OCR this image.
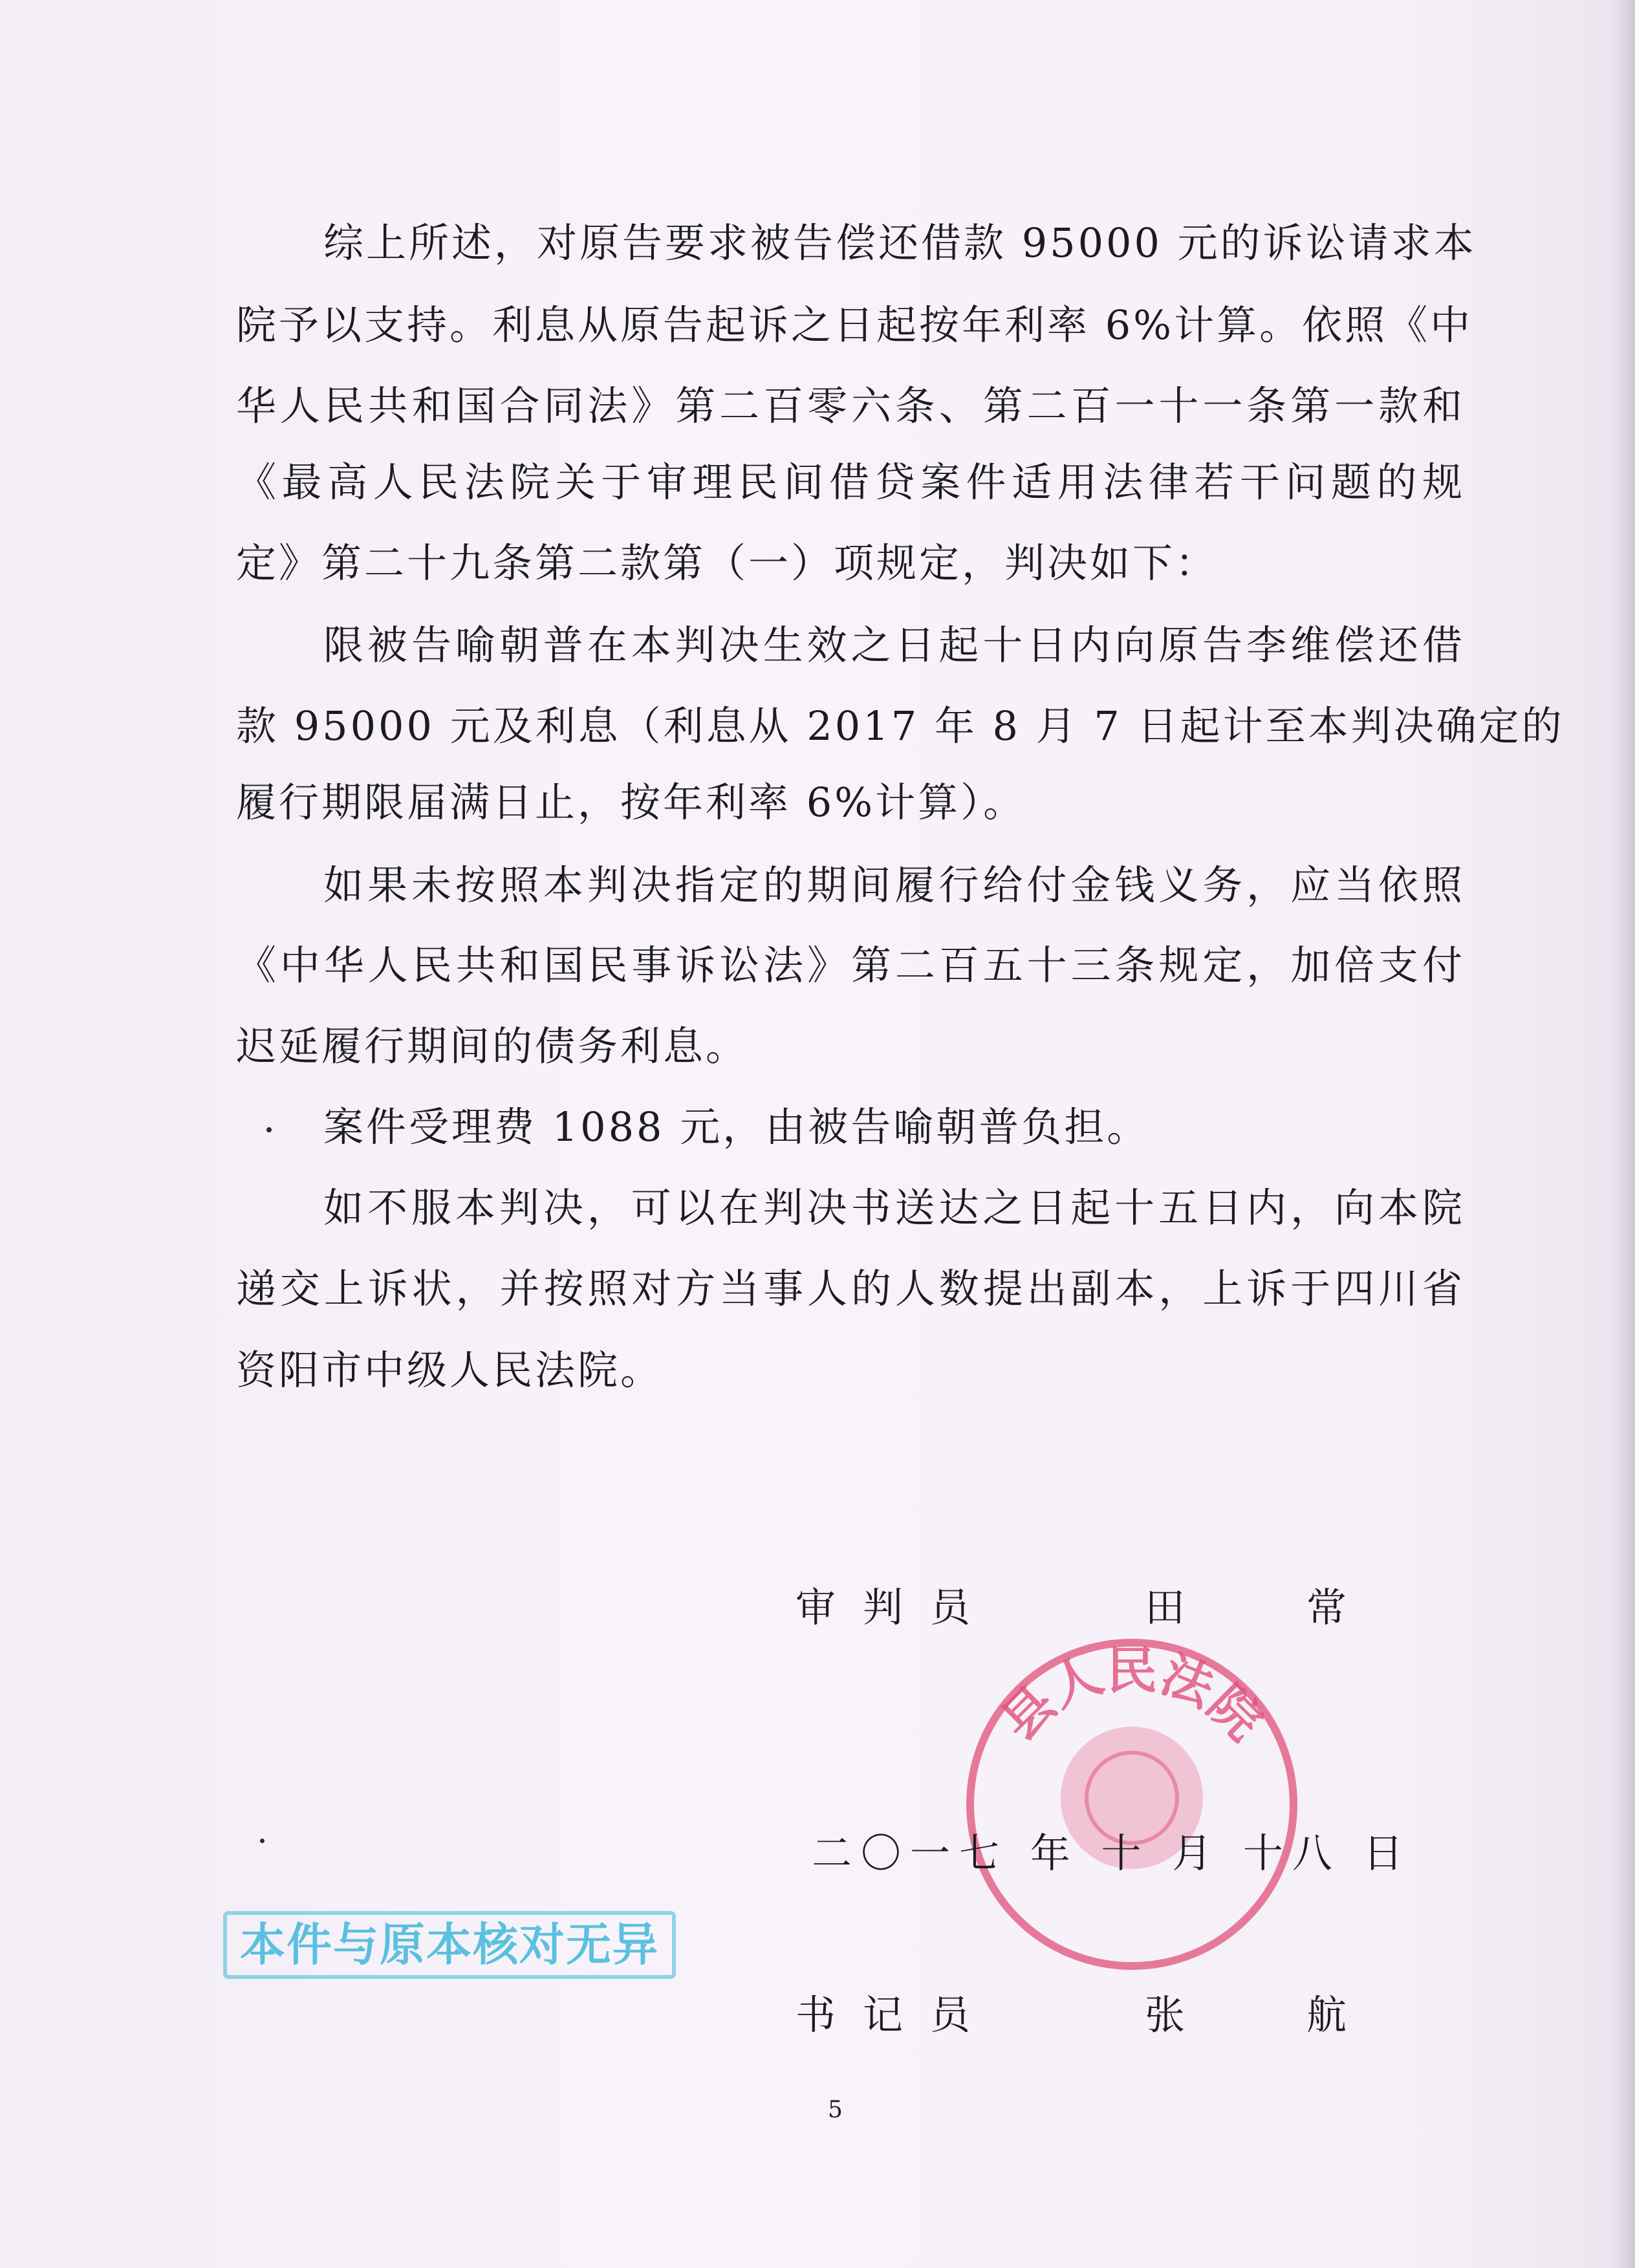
综上所述，对原告要求被告偿还借款 95000 元的诉讼请求本
院予以支持。利息从原告起诉之日起按年利率 6%计算。依照《中
华人民共和国合同法》第二百零六条、第二百一十一条第一款和
《最高人民法院关于审理民间借贷案件适用法律若干问题的规
定》第二十九条第二款第（一）项规定，判决如下：
限被告喻朝普在本判决生效之日起十日内向原告李维偿还借
款 95000 元及利息（利息从 2017 年 8 月 7 日起计至本判决确定的
履行期限届满日止，按年利率 6%计算）。
如果未按照本判决指定的期间履行给付金钱义务，应当依照
《中华人民共和国民事诉讼法》第二百五十三条规定，加倍支付
迟延履行期间的债务利息。
案件受理费 1088 元，由被告喻朝普负担。
如不服本判决，可以在判决书送达之日起十五日内，向本院
递交上诉状，并按照对方当事人的人数提出副本，上诉于四川省
资阳市中级人民法院。
县人民法院
审判员	田	常
二〇一七 年 十 月 十八 日
本件与原本核对无异
书记员	张	航
5
